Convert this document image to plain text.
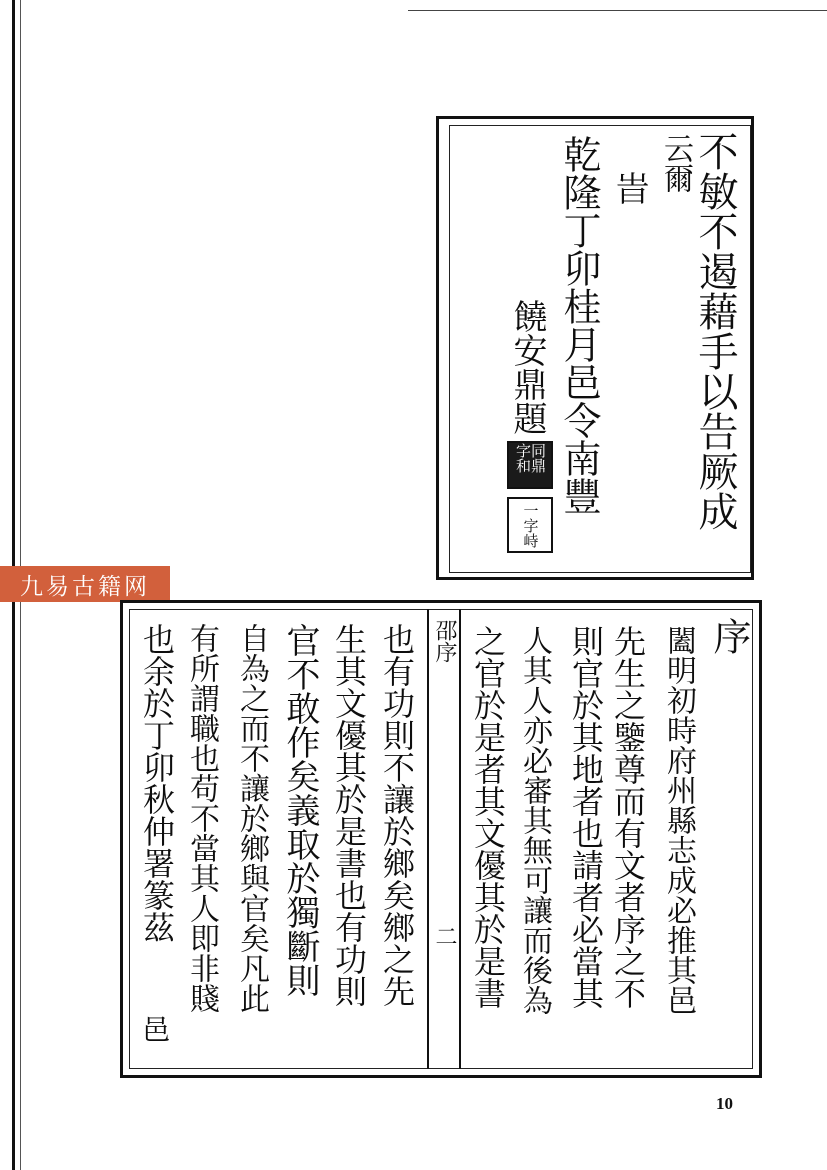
不敏不遏藉手以告厥成
云爾
旹
乾隆丁卯桂月邑令南豐
饒安鼎題
同鼎字和
一字峙
九易古籍网
邵序
二
序
闔明初時府州縣志成必推其邑
先生之鑒尊而有文者序之不
則官於其地者也請者必當其
人其人亦必審其無可讓而後為
之官於是者其文優其於是書
也有功則不讓於鄉矣鄉之先
生其文優其於是書也有功則
官不敢作矣義取於獨斷則
自為之而不讓於鄉與官矣凡此
有所謂職也苟不當其人即非賤
也余於丁卯秋仲署篆茲
邑
10
